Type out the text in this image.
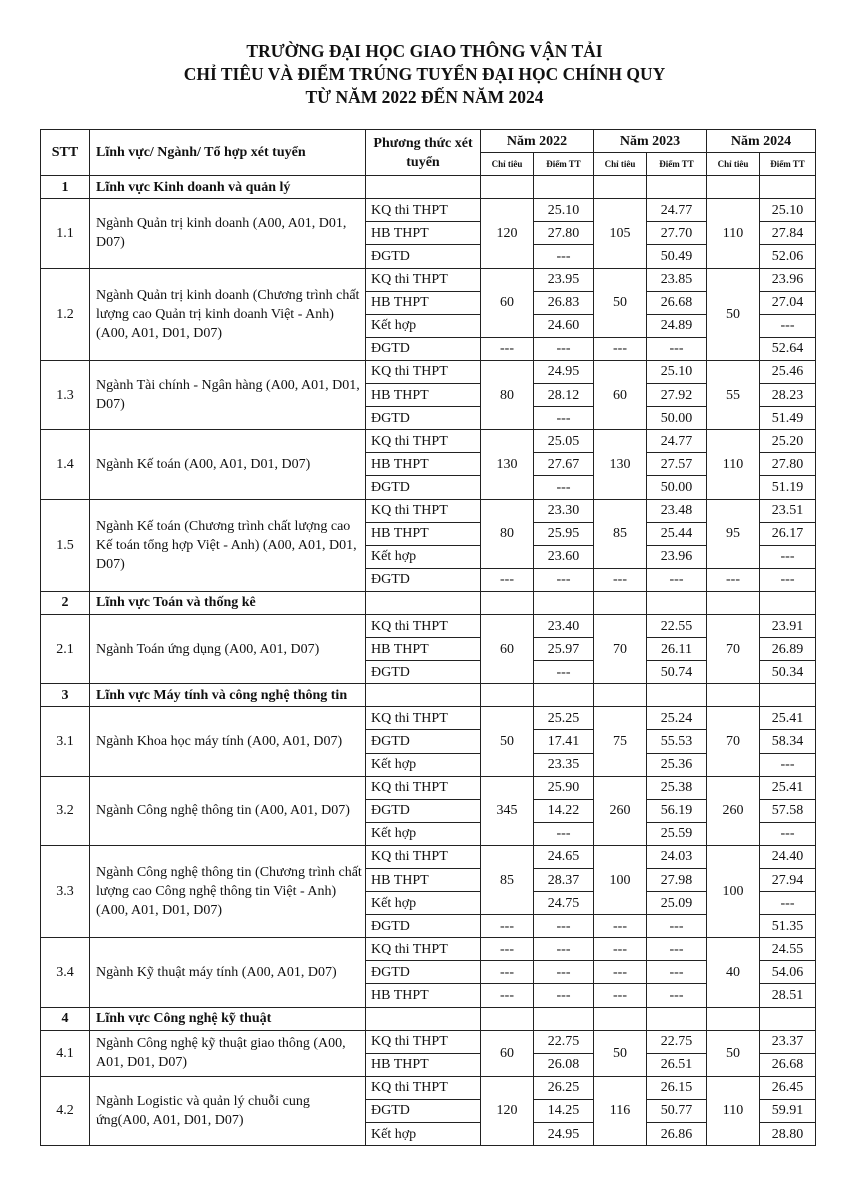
TRƯỜNG ĐẠI HỌC GIAO THÔNG VẬN TẢI
CHỈ TIÊU VÀ ĐIỂM TRÚNG TUYỂN ĐẠI HỌC CHÍNH QUY
TỪ NĂM 2022 ĐẾN NĂM 2024
STT	Lĩnh vực/ Ngành/ Tổ hợp xét tuyển	Phương thức xét tuyển	Năm 2022		Năm 2023		Năm 2024	
			Chỉ tiêu	Điểm TT	Chỉ tiêu	Điểm TT	Chỉ tiêu	Điểm TT
1	Lĩnh vực Kinh doanh và quản lý							
1.1	Ngành Quản trị kinh doanh (A00, A01, D01, D07)	KQ thi THPT	120	25.10	105	24.77	110	25.10
		HB THPT		27.80		27.70		27.84
		ĐGTD		---		50.49		52.06
1.2	Ngành Quản trị kinh doanh (Chương trình chất lượng cao Quản trị kinh doanh Việt - Anh)(A00, A01, D01, D07)	KQ thi THPT	60	23.95	50	23.85	50	23.96
		HB THPT		26.83		26.68		27.04
		Kết hợp		24.60		24.89		---
		ĐGTD	---	---	---	---		52.64
1.3	Ngành Tài chính - Ngân hàng (A00, A01, D01, D07)	KQ thi THPT	80	24.95	60	25.10	55	25.46
		HB THPT		28.12		27.92		28.23
		ĐGTD		---		50.00		51.49
1.4	Ngành Kế toán (A00, A01, D01, D07)	KQ thi THPT	130	25.05	130	24.77	110	25.20
		HB THPT		27.67		27.57		27.80
		ĐGTD		---		50.00		51.19
1.5	Ngành Kế toán (Chương trình chất lượng cao Kế toán tổng hợp Việt - Anh) (A00, A01, D01, D07)	KQ thi THPT	80	23.30	85	23.48	95	23.51
		HB THPT		25.95		25.44		26.17
		Kết hợp		23.60		23.96		---
		ĐGTD	---	---	---	---	---	---
2	Lĩnh vực Toán và thống kê							
2.1	Ngành Toán ứng dụng (A00, A01, D07)	KQ thi THPT	60	23.40	70	22.55	70	23.91
		HB THPT		25.97		26.11		26.89
		ĐGTD		---		50.74		50.34
3	Lĩnh vực Máy tính và công nghệ thông tin							
3.1	Ngành Khoa học máy tính (A00, A01, D07)	KQ thi THPT	50	25.25	75	25.24	70	25.41
		ĐGTD		17.41		55.53		58.34
		Kết hợp		23.35		25.36		---
3.2	Ngành Công nghệ thông tin (A00, A01, D07)	KQ thi THPT	345	25.90	260	25.38	260	25.41
		ĐGTD		14.22		56.19		57.58
		Kết hợp		---		25.59		---
3.3	Ngành Công nghệ thông tin (Chương trình chất lượng cao Công nghệ thông tin Việt - Anh)(A00, A01, D01, D07)	KQ thi THPT	85	24.65	100	24.03	100	24.40
		HB THPT		28.37		27.98		27.94
		Kết hợp		24.75		25.09		---
		ĐGTD	---	---	---	---		51.35
3.4	Ngành Kỹ thuật máy tính (A00, A01, D07)	KQ thi THPT	---	---	---	---	40	24.55
		ĐGTD	---	---	---	---		54.06
		HB THPT	---	---	---	---		28.51
4	Lĩnh vực Công nghệ kỹ thuật							
4.1	Ngành Công nghệ kỹ thuật giao thông (A00, A01, D01, D07)	KQ thi THPT	60	22.75	50	22.75	50	23.37
		HB THPT		26.08		26.51		26.68
4.2	Ngành Logistic và quản lý chuỗi cung ứng(A00, A01, D01, D07)	KQ thi THPT	120	26.25	116	26.15	110	26.45
		ĐGTD		14.25		50.77		59.91
		Kết hợp		24.95		26.86		28.80
